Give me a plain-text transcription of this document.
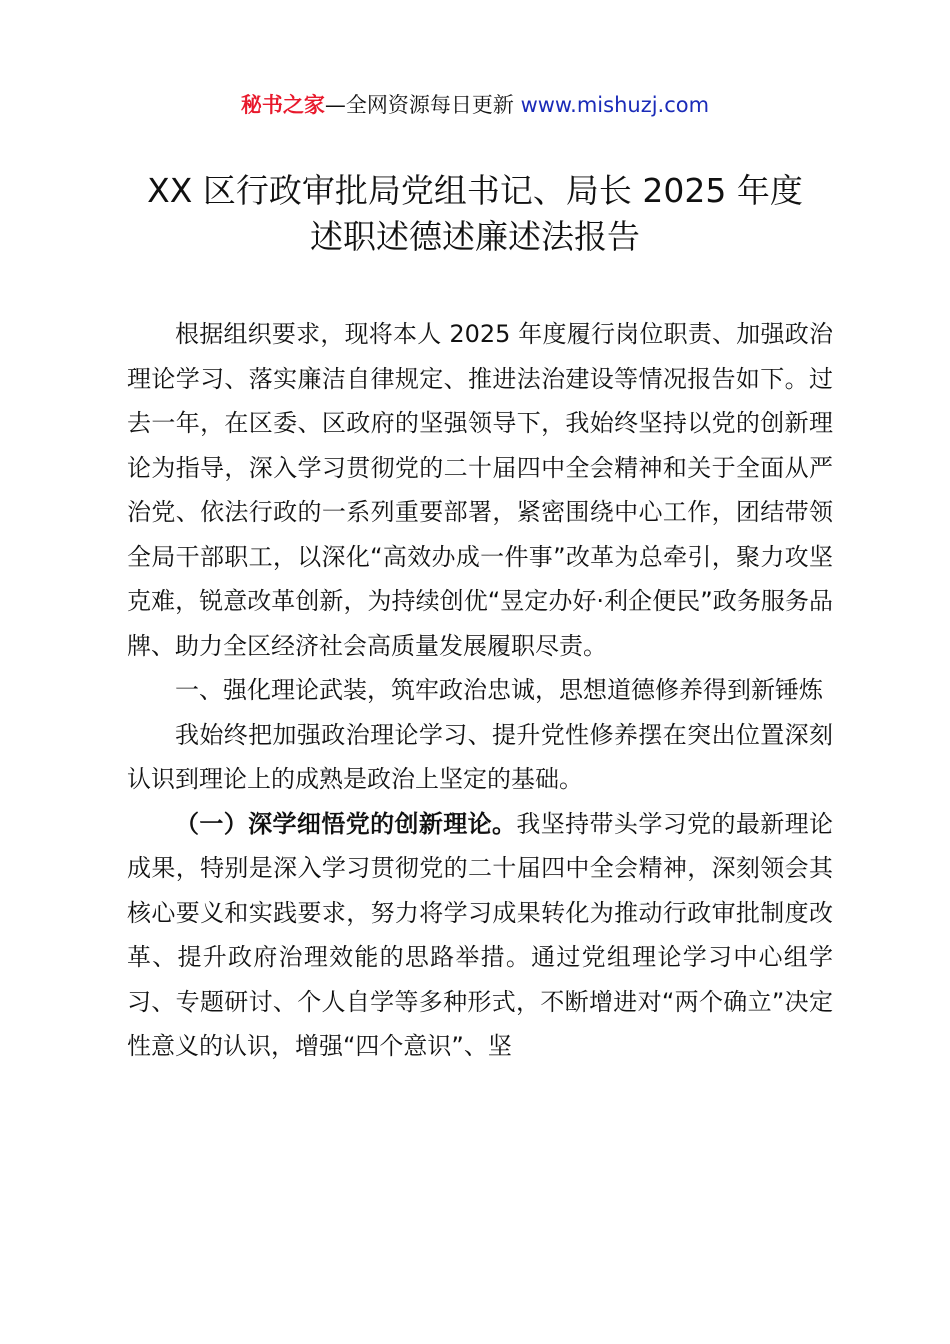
秘书之家—全网资源每日更新 www.mishuzj.com
XX 区行政审批局党组书记、局长 2025 年度
述职述德述廉述法报告

根据组织要求，现将本人 2025 年度履行岗位职责、加强政治理论学习、落实廉洁自律规定、推进法治建设等情况报告如下。过去一年，在区委、区政府的坚强领导下，我始终坚持以党的创新理论为指导，深入学习贯彻党的二十届四中全会精神和关于全面从严治党、依法行政的一系列重要部署，紧密围绕中心工作，团结带领全局干部职工，以深化“高效办成一件事”改革为总牵引，聚力攻坚克难，锐意改革创新，为持续创优“昱定办好·利企便民”政务服务品牌、助力全区经济社会高质量发展履职尽责。

一、强化理论武装，筑牢政治忠诚，思想道德修养得到新锤炼

我始终把加强政治理论学习、提升党性修养摆在突出位置深刻认识到理论上的成熟是政治上坚定的基础。

（一）深学细悟党的创新理论。我坚持带头学习党的最新理论成果，特别是深入学习贯彻党的二十届四中全会精神，深刻领会其核心要义和实践要求，努力将学习成果转化为推动行政审批制度改革、提升政府治理效能的思路举措。通过党组理论学习中心组学习、专题研讨、个人自学等多种形式，不断增进对“两个确立”决定性意义的认识，增强“四个意识”、坚
